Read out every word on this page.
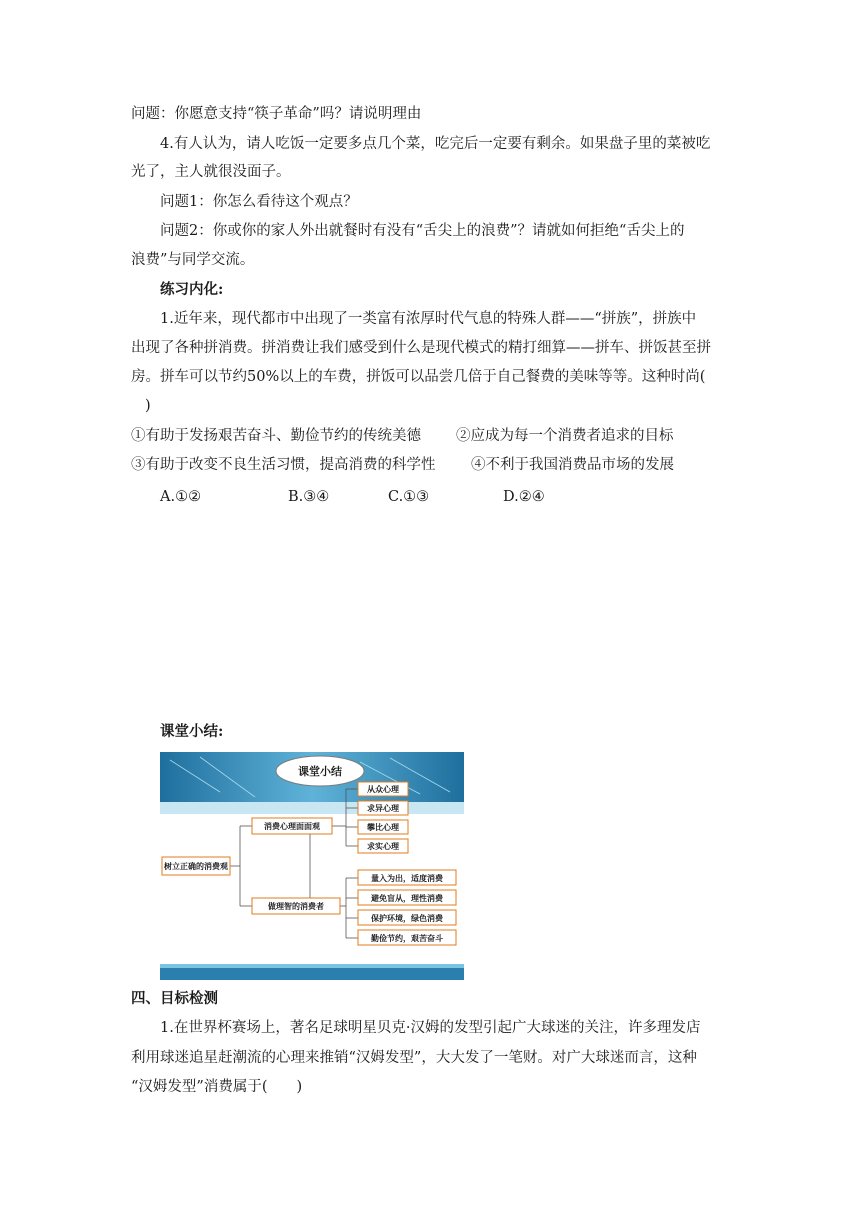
问题：你愿意支持“筷子革命”吗？请说明理由
4.有人认为，请人吃饭一定要多点几个菜，吃完后一定要有剩余。如果盘子里的菜被吃
光了，主人就很没面子。
问题1：你怎么看待这个观点？
问题2：你或你的家人外出就餐时有没有“舌尖上的浪费”？请就如何拒绝“舌尖上的
浪费”与同学交流。
练习内化:
1.近年来，现代都市中出现了一类富有浓厚时代气息的特殊人群——“拼族”，拼族中
出现了各种拼消费。拼消费让我们感受到什么是现代模式的精打细算——拼车、拼饭甚至拼
房。拼车可以节约50%以上的车费，拼饭可以品尝几倍于自己餐费的美味等等。这种时尚(
)
①有助于发扬艰苦奋斗、勤俭节约的传统美德 ②应成为每一个消费者追求的目标
③有助于改变不良生活习惯，提高消费的科学性 ④不利于我国消费品市场的发展
A.①②	B.③④	C.①③	D.②④
课堂小结:
课堂小结
树立正确的消费观
消费心理面面观
做理智的消费者
从众心理
求异心理
攀比心理
求实心理
量入为出，适度消费
避免盲从，理性消费
保护环境，绿色消费
勤俭节约，艰苦奋斗
四、目标检测
1.在世界杯赛场上，著名足球明星贝克·汉姆的发型引起广大球迷的关注，许多理发店
利用球迷追星赶潮流的心理来推销“汉姆发型”，大大发了一笔财。对广大球迷而言，这种
“汉姆发型”消费属于(　　)
